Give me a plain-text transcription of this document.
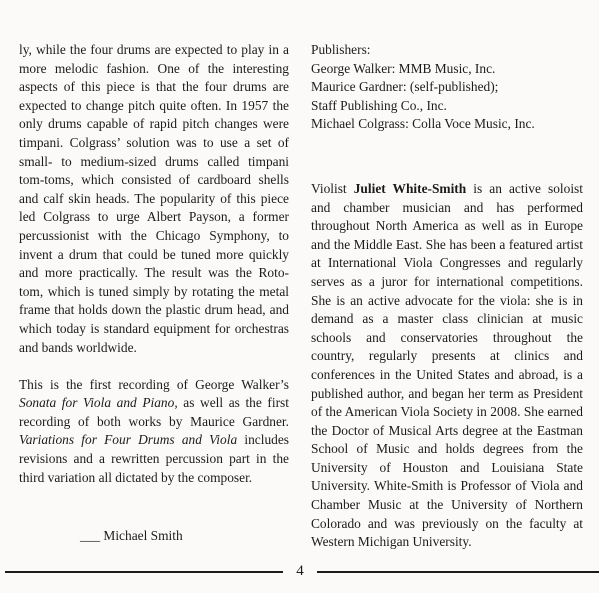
ly, while the four drums are expected to play in a more melodic fashion. One of the interesting aspects of this piece is that the four drums are expected to change pitch quite often. In 1957 the only drums capable of rapid pitch changes were timpani. Colgrass’ solution was to use a set of small- to medium-sized drums called timpani tom-toms, which consisted of cardboard shells and calf skin heads. The popularity of this piece led Colgrass to urge Albert Payson, a former percussionist with the Chicago Symphony, to invent a drum that could be tuned more quickly and more practically. The result was the Roto-tom, which is tuned simply by rotating the metal frame that holds down the plastic drum head, and which today is standard equipment for orchestras and bands worldwide.

This is the first recording of George Walker’s Sonata for Viola and Piano, as well as the first recording of both works by Maurice Gardner. Variations for Four Drums and Viola includes revisions and a rewritten percussion part in the third variation all dictated by the composer.

___ Michael Smith

Publishers:

George Walker: MMB Music, Inc.
Maurice Gardner: (self-published);
Staff Publishing Co., Inc.
Michael Colgrass: Colla Voce Music, Inc.

Violist Juliet White-Smith is an active soloist and chamber musician and has performed throughout North America as well as in Europe and the Middle East. She has been a featured artist at International Viola Congresses and regularly serves as a juror for international competitions. She is an active advocate for the viola: she is in demand as a master class clinician at music schools and conservatories throughout the country, regularly presents at clinics and conferences in the United States and abroad, is a published author, and began her term as President of the American Viola Society in 2008. She earned the Doctor of Musical Arts degree at the Eastman School of Music and holds degrees from the University of Houston and Louisiana State University. White-Smith is Professor of Viola and Chamber Music at the University of Northern Colorado and was previously on the faculty at Western Michigan University.

4
